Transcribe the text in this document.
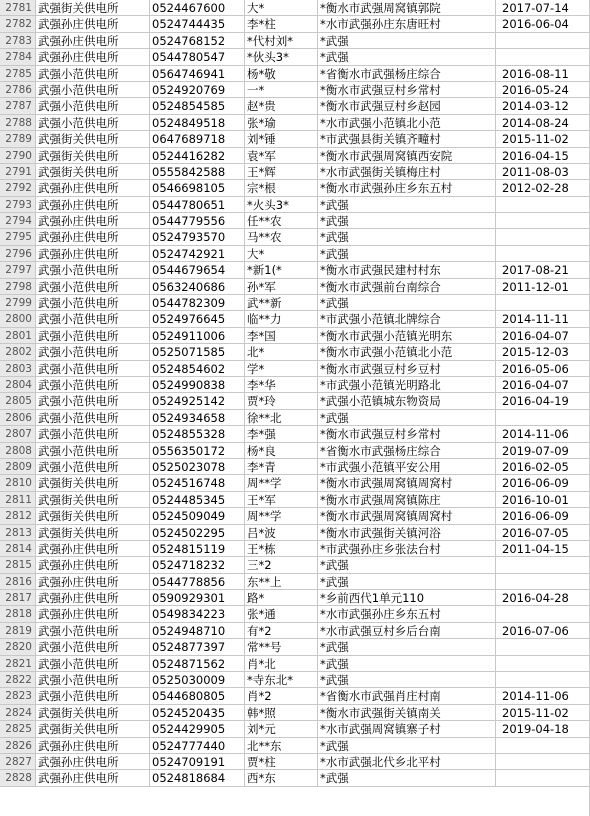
2781 武强街关供电所	0524467600	大*	*衡水市武强周窝镇郭院	2017-07-14
2782 武强孙庄供电所	0524744435	李*柱	*水市武强孙庄东唐旺村	2016-06-04
2783 武强孙庄供电所	0524768152	*代村刘*	*武强
2784 武强孙庄供电所	0544780547	*伙头3*	*武强
2785 武强小范供电所	0564746941	杨*敬	*省衡水市武强杨庄综合	2016-08-11
2786 武强小范供电所	0524920769	一*	*衡水市武强豆村乡常村	2016-05-24
2787 武强小范供电所	0524854585	赵*贵	*衡水市武强豆村乡赵园	2014-03-12
2788 武强小范供电所	0524849518	张*瑜	*水市武强小范镇北小范	2014-08-24
2789 武强街关供电所	0647689718	刘*锤	*市武强县街关镇齐疃村	2015-11-02
2790 武强街关供电所	0524416282	袁*军	*衡水市武强周窝镇西安院	2016-04-15
2791 武强街关供电所	0555842588	王*辉	*水市武强街关镇梅庄村	2011-08-03
2792 武强孙庄供电所	0546698105	宗*根	*衡水市武强孙庄乡东五村	2012-02-28
2793 武强孙庄供电所	0544780651	*火头3*	*武强
2794 武强孙庄供电所	0544779556	任**农	*武强
2795 武强孙庄供电所	0524793570	马**农	*武强
2796 武强孙庄供电所	0524742921	大*	*武强
2797 武强小范供电所	0544679654	*新1(*	*衡水市武强民建村村东	2017-08-21
2798 武强小范供电所	0563240686	孙*军	*衡水市武强前台南综合	2011-12-01
2799 武强小范供电所	0544782309	武**新	*武强
2800 武强小范供电所	0524976645	临**力	*市武强小范镇北牌综合	2014-11-11
2801 武强小范供电所	0524911006	李*国	*衡水市武强小范镇光明东	2016-04-07
2802 武强小范供电所	0525071585	北*	*衡水市武强小范镇北小范	2015-12-03
2803 武强小范供电所	0524854602	学*	*衡水市武强豆村乡豆村	2016-05-06
2804 武强小范供电所	0524990838	李*华	*市武强小范镇光明路北	2016-04-07
2805 武强小范供电所	0524925142	贾*玲	*武强小范镇城东物资局	2016-04-19
2806 武强小范供电所	0524934658	徐**北	*武强
2807 武强小范供电所	0524855328	李*强	*衡水市武强豆村乡常村	2014-11-06
2808 武强小范供电所	0556350172	杨*良	*省衡水市武强杨庄综合	2019-07-09
2809 武强小范供电所	0525023078	李*青	*市武强小范镇平安公用	2016-02-05
2810 武强街关供电所	0524516748	周**学	*衡水市武强周窝镇周窝村	2016-06-09
2811 武强街关供电所	0524485345	王*军	*衡水市武强周窝镇陈庄	2016-10-01
2812 武强街关供电所	0524509049	周**学	*衡水市武强周窝镇周窝村	2016-06-09
2813 武强街关供电所	0524502295	吕*波	*衡水市武强街关镇河浴	2016-07-05
2814 武强孙庄供电所	0524815119	王*栋	*市武强孙庄乡张法台村	2011-04-15
2815 武强孙庄供电所	0524718232	三*2	*武强
2816 武强孙庄供电所	0544778856	东**上	*武强
2817 武强孙庄供电所	0590929301	路*	*乡前西代1单元110	2016-04-28
2818 武强孙庄供电所	0549834223	张*通	*水市武强孙庄乡东五村
2819 武强小范供电所	0524948710	有*2	*水市武强豆村乡后台南	2016-07-06
2820 武强小范供电所	0524877397	常**号	*武强
2821 武强小范供电所	0524871562	肖*北	*武强
2822 武强小范供电所	0525030009	*寺东北*	*武强
2823 武强小范供电所	0544680805	肖*2	*省衡水市武强肖庄村南	2014-11-06
2824 武强街关供电所	0524520435	韩*照	*衡水市武强街关镇南关	2015-11-02
2825 武强街关供电所	0524429905	刘*元	*水市武强周窝镇寨子村	2019-04-18
2826 武强孙庄供电所	0524777440	北**东	*武强
2827 武强孙庄供电所	0524709191	贾*柱	*水市武强北代乡北平村
2828 武强孙庄供电所	0524818684	西*东	*武强
